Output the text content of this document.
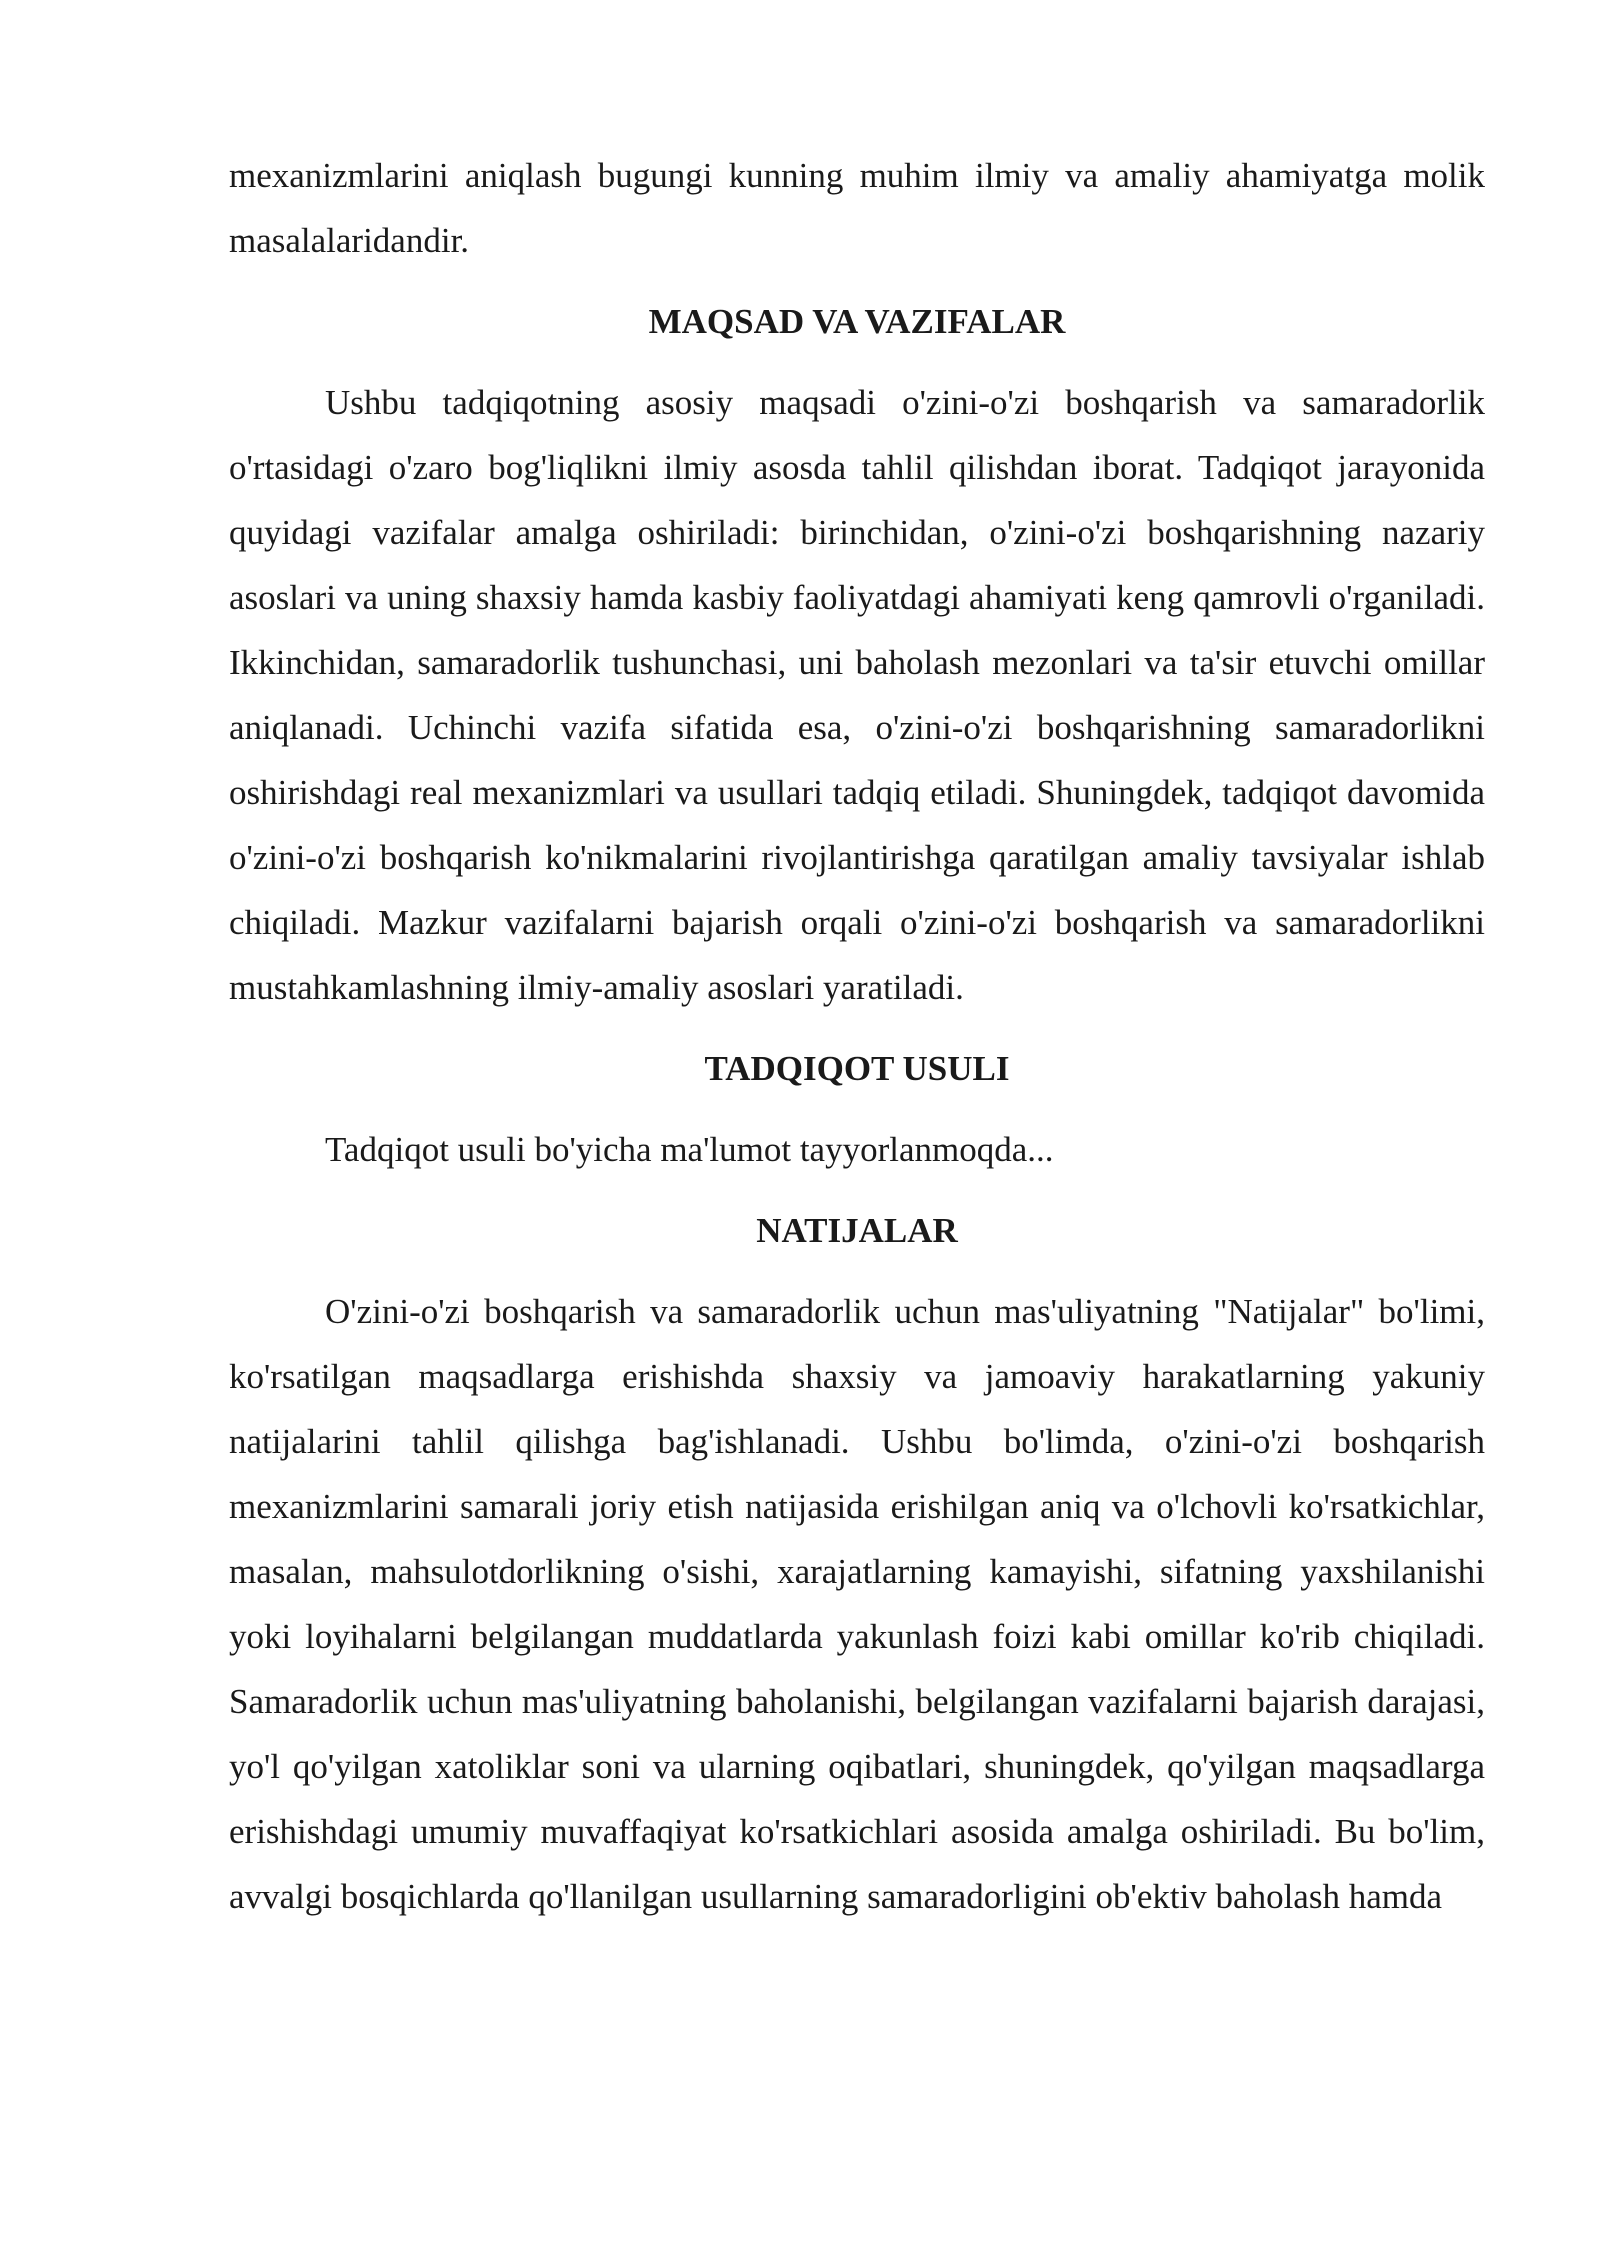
mexanizmlarini aniqlash bugungi kunning muhim ilmiy va amaliy ahamiyatga molik masalalaridandir.

MAQSAD VA VAZIFALAR

Ushbu tadqiqotning asosiy maqsadi o'zini-o'zi boshqarish va samaradorlik o'rtasidagi o'zaro bog'liqlikni ilmiy asosda tahlil qilishdan iborat. Tadqiqot jarayonida quyidagi vazifalar amalga oshiriladi: birinchidan, o'zini-o'zi boshqarishning nazariy asoslari va uning shaxsiy hamda kasbiy faoliyatdagi ahamiyati keng qamrovli o'rganiladi. Ikkinchidan, samaradorlik tushunchasi, uni baholash mezonlari va ta'sir etuvchi omillar aniqlanadi. Uchinchi vazifa sifatida esa, o'zini-o'zi boshqarishning samaradorlikni oshirishdagi real mexanizmlari va usullari tadqiq etiladi. Shuningdek, tadqiqot davomida o'zini-o'zi boshqarish ko'nikmalarini rivojlantirishga qaratilgan amaliy tavsiyalar ishlab chiqiladi. Mazkur vazifalarni bajarish orqali o'zini-o'zi boshqarish va samaradorlikni mustahkamlashning ilmiy-amaliy asoslari yaratiladi.

TADQIQOT USULI

Tadqiqot usuli bo'yicha ma'lumot tayyorlanmoqda...

NATIJALAR

O'zini-o'zi boshqarish va samaradorlik uchun mas'uliyatning "Natijalar" bo'limi, ko'rsatilgan maqsadlarga erishishda shaxsiy va jamoaviy harakatlarning yakuniy natijalarini tahlil qilishga bag'ishlanadi. Ushbu bo'limda, o'zini-o'zi boshqarish mexanizmlarini samarali joriy etish natijasida erishilgan aniq va o'lchovli ko'rsatkichlar, masalan, mahsulotdorlikning o'sishi, xarajatlarning kamayishi, sifatning yaxshilanishi yoki loyihalarni belgilangan muddatlarda yakunlash foizi kabi omillar ko'rib chiqiladi. Samaradorlik uchun mas'uliyatning baholanishi, belgilangan vazifalarni bajarish darajasi, yo'l qo'yilgan xatoliklar soni va ularning oqibatlari, shuningdek, qo'yilgan maqsadlarga erishishdagi umumiy muvaffaqiyat ko'rsatkichlari asosida amalga oshiriladi. Bu bo'lim, avvalgi bosqichlarda qo'llanilgan usullarning samaradorligini ob'ektiv baholash hamda
